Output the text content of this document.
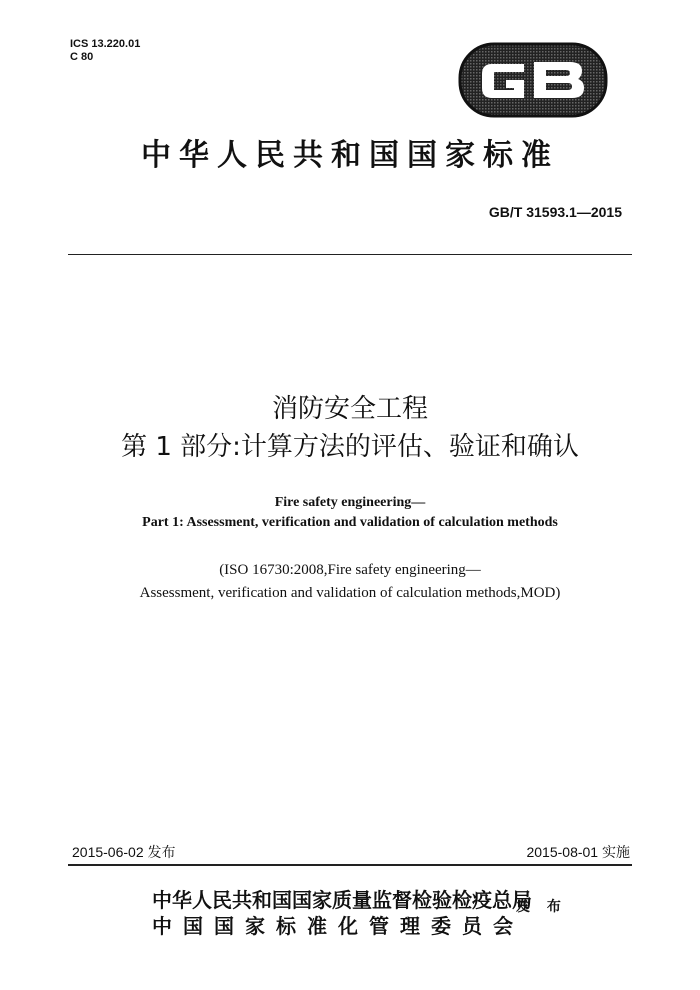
ICS 13.220.01
C 80
中华人民共和国国家标准
GB/T 31593.1—2015
消防安全工程
第 1 部分:计算方法的评估、验证和确认
Fire safety engineering—
Part 1: Assessment, verification and validation of calculation methods
(ISO 16730:2008,Fire safety engineering—
Assessment, verification and validation of calculation methods,MOD)
2015-06-02 发布	2015-08-01 实施
中华人民共和国国家质量监督检验检疫总局
中国国家标准化管理委员会
发 布
